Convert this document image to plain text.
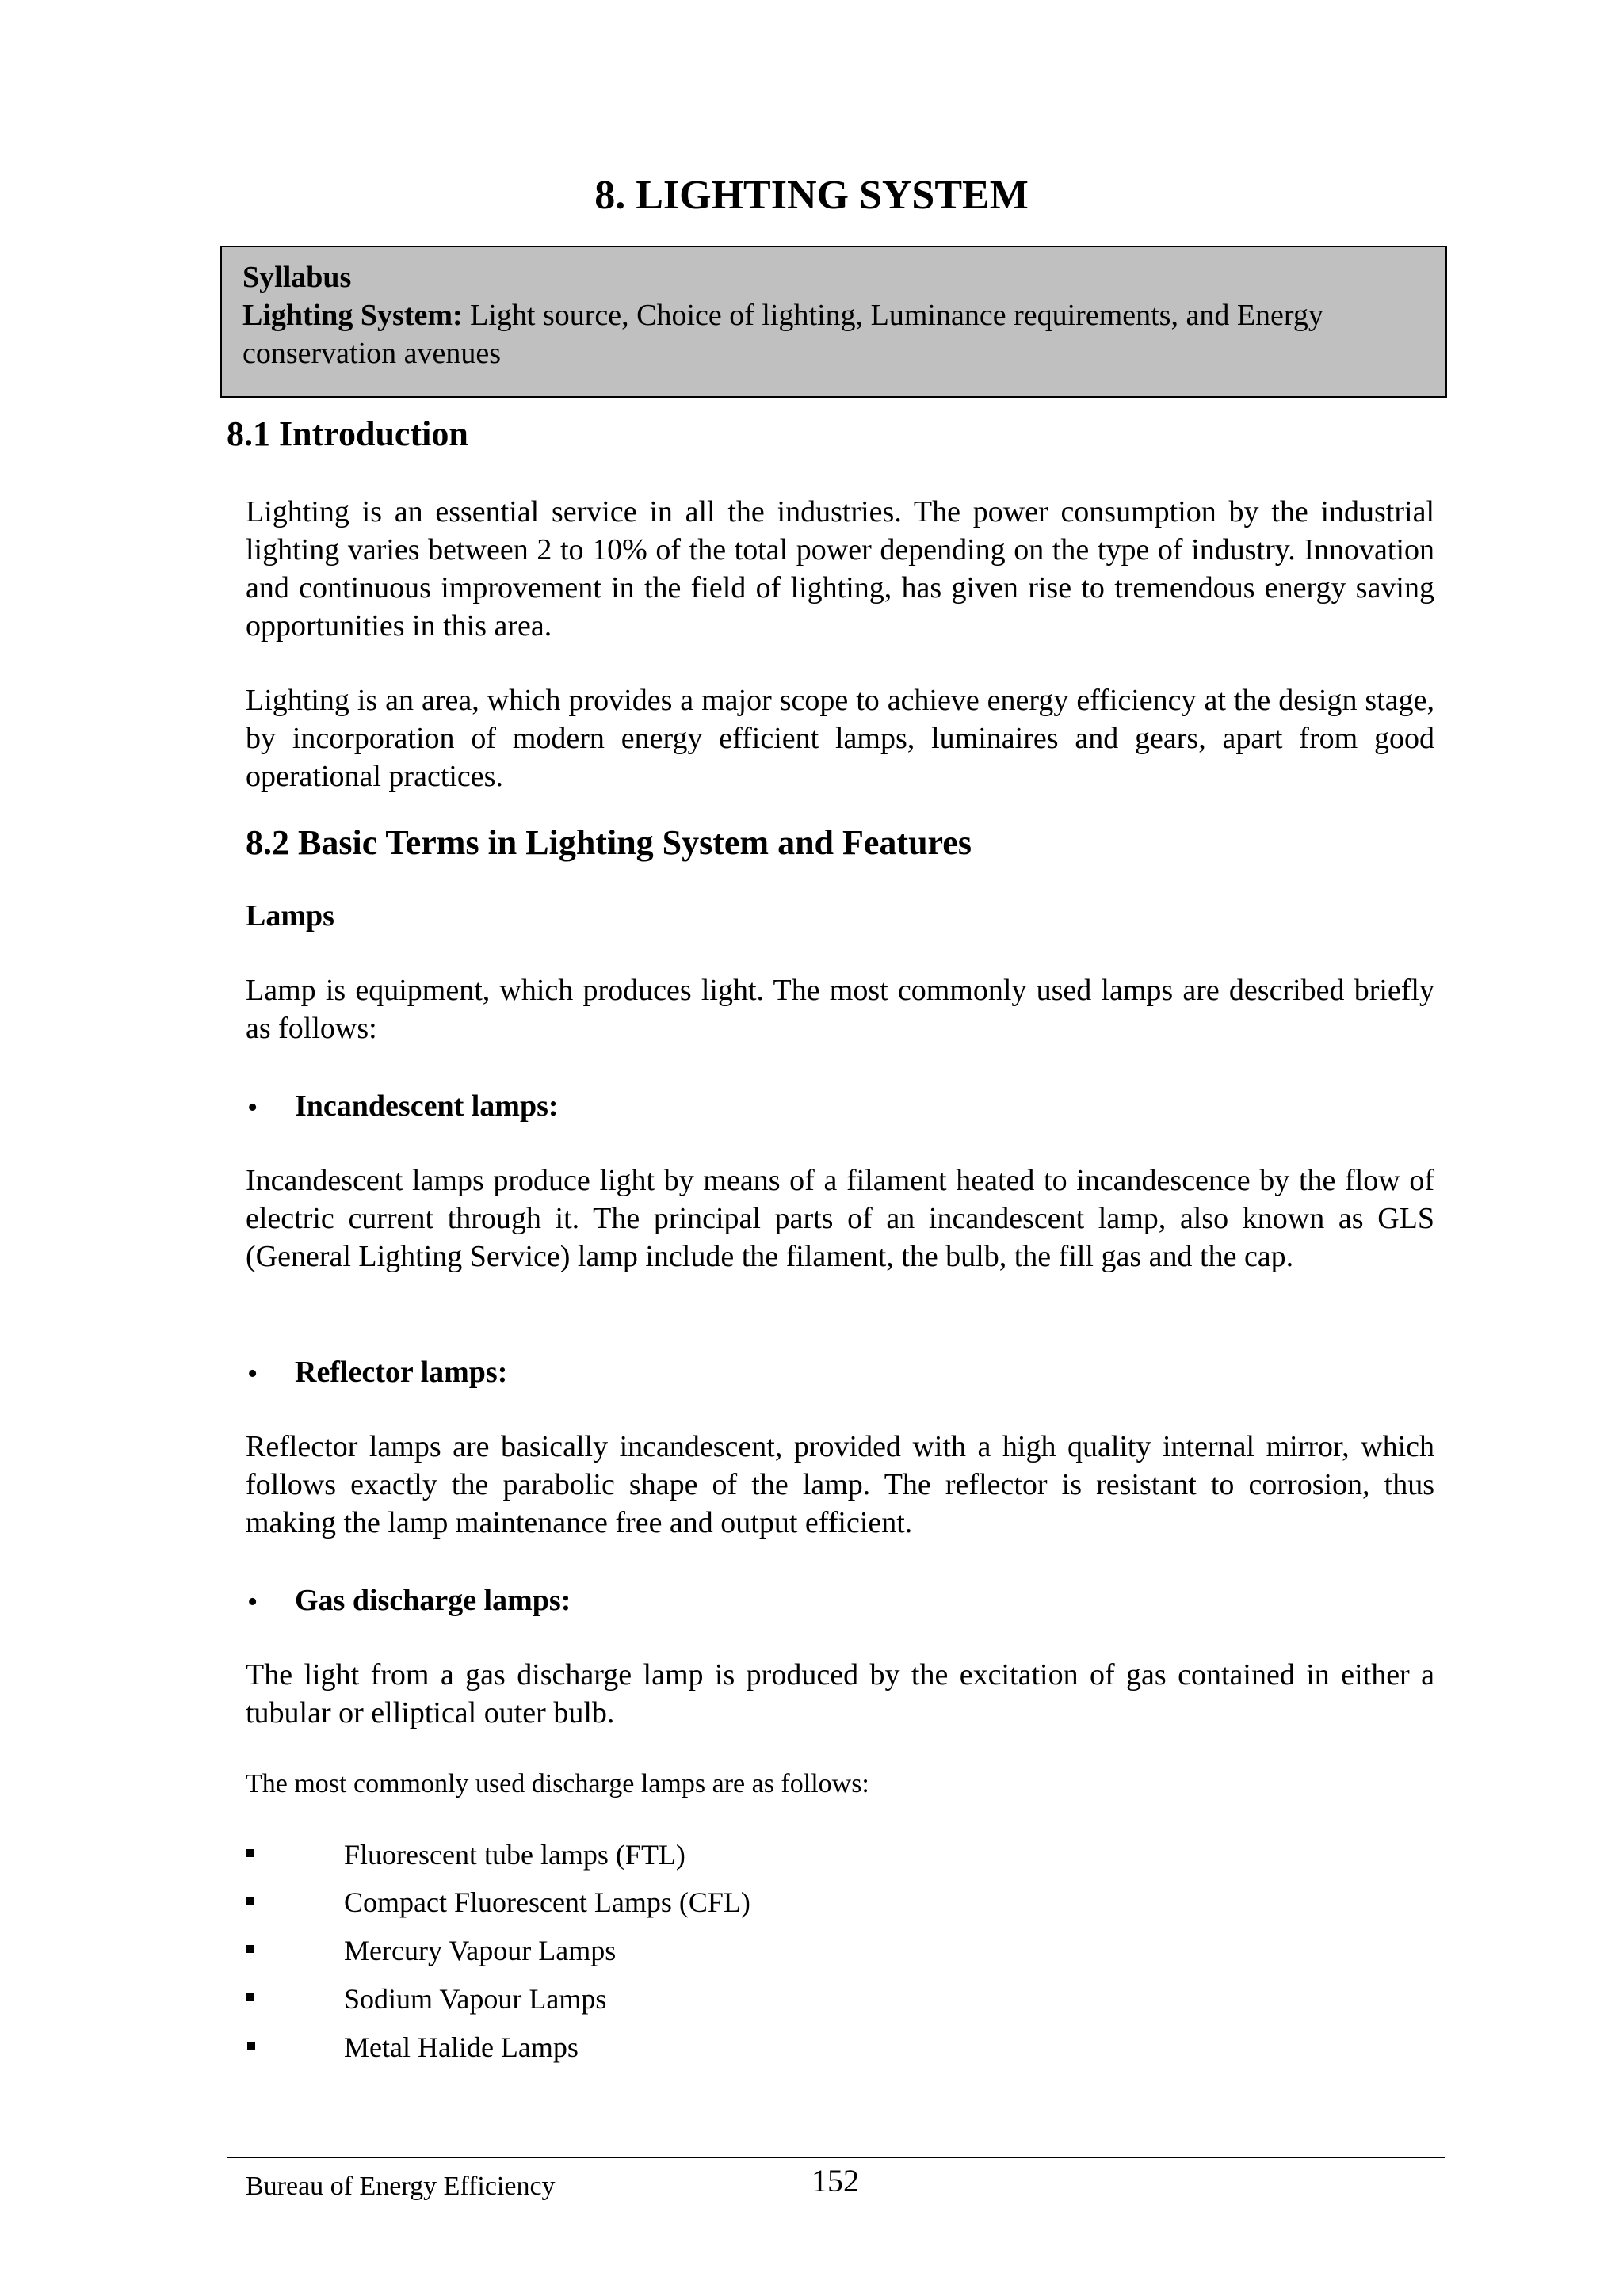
8. LIGHTING SYSTEM
Syllabus
Lighting System: Light source, Choice of lighting, Luminance requirements, and Energy conservation avenues
8.1 Introduction
Lighting is an essential service in all the industries. The power consumption by the industrial lighting varies between 2 to 10% of the total power depending on the type of industry. Innovation and continuous improvement in the field of lighting, has given rise to tremendous energy saving opportunities in this area.
Lighting is an area, which provides a major scope to achieve energy efficiency at the design stage, by incorporation of modern energy efficient lamps, luminaires and gears, apart from good operational practices.
8.2 Basic Terms in Lighting System and Features
Lamps
Lamp is equipment, which produces light. The most commonly used lamps are described briefly as follows:
• Incandescent lamps:
Incandescent lamps produce light by means of a filament heated to incandescence by the flow of electric current through it. The principal parts of an incandescent lamp, also known as GLS (General Lighting Service) lamp include the filament, the bulb, the fill gas and the cap.
• Reflector lamps:
Reflector lamps are basically incandescent, provided with a high quality internal mirror, which follows exactly the parabolic shape of the lamp. The reflector is resistant to corrosion, thus making the lamp maintenance free and output efficient.
• Gas discharge lamps:
The light from a gas discharge lamp is produced by the excitation of gas contained in either a tubular or elliptical outer bulb.
The most commonly used discharge lamps are as follows:
Fluorescent tube lamps (FTL)
Compact Fluorescent Lamps (CFL)
Mercury Vapour Lamps
Sodium Vapour Lamps
Metal Halide Lamps
Bureau of Energy Efficiency	152
